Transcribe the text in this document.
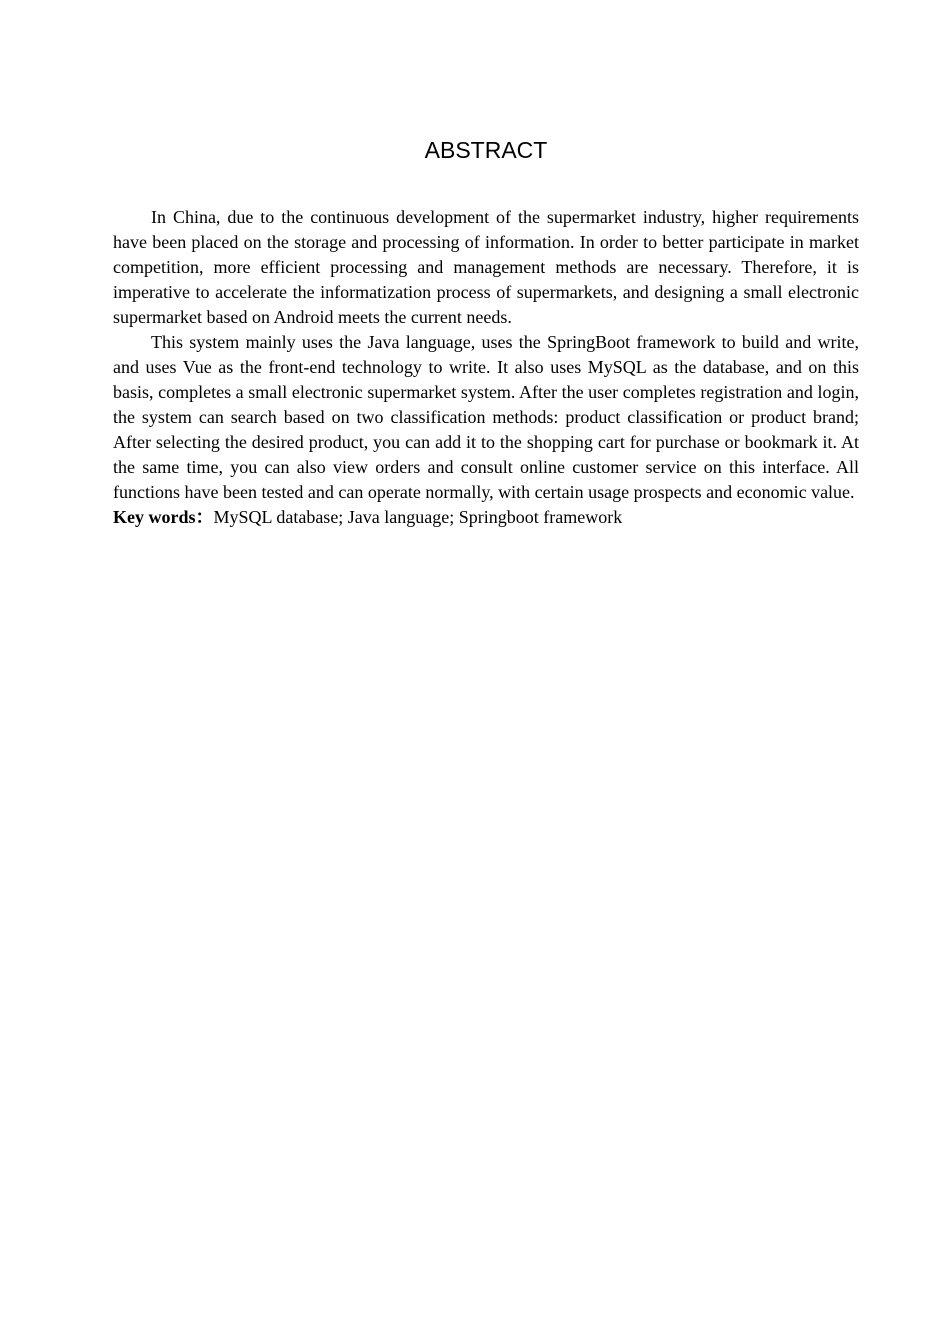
ABSTRACT

In China, due to the continuous development of the supermarket industry, higher requirements have been placed on the storage and processing of information. In order to better participate in market competition, more efficient processing and management methods are necessary. Therefore, it is imperative to accelerate the informatization process of supermarkets, and designing a small electronic supermarket based on Android meets the current needs.

This system mainly uses the Java language, uses the SpringBoot framework to build and write, and uses Vue as the front-end technology to write. It also uses MySQL as the database, and on this basis, completes a small electronic supermarket system. After the user completes registration and login, the system can search based on two classification methods: product classification or product brand; After selecting the desired product, you can add it to the shopping cart for purchase or bookmark it. At the same time, you can also view orders and consult online customer service on this interface. All functions have been tested and can operate normally, with certain usage prospects and economic value.

Key words：MySQL database; Java language; Springboot framework
